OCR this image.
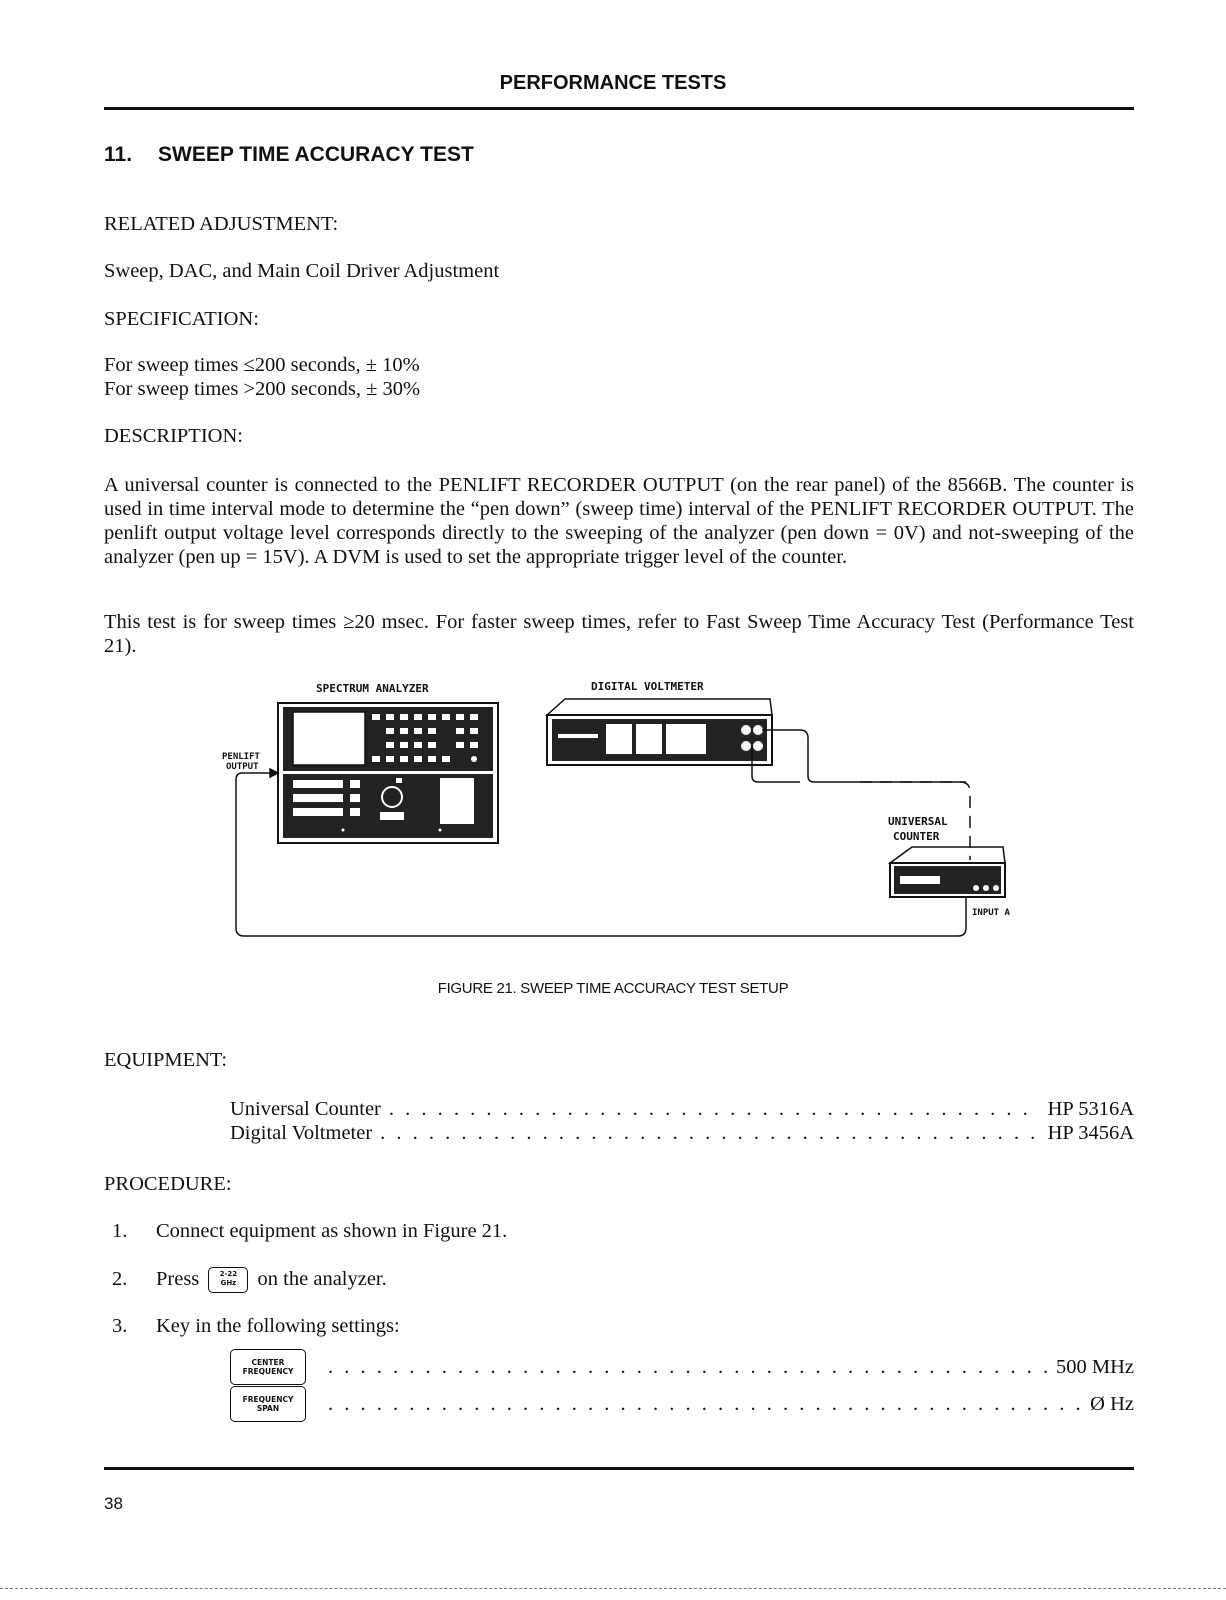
PERFORMANCE TESTS
11. SWEEP TIME ACCURACY TEST
RELATED ADJUSTMENT:
Sweep, DAC, and Main Coil Driver Adjustment
SPECIFICATION:
For sweep times ≤200 seconds, ± 10%
For sweep times >200 seconds, ± 30%
DESCRIPTION:
A universal counter is connected to the PENLIFT RECORDER OUTPUT (on the rear panel) of the 8566B. The counter is used in time interval mode to determine the “pen down” (sweep time) interval of the PENLIFT RECORDER OUTPUT. The penlift output voltage level corresponds directly to the sweeping of the analyzer (pen down = 0V) and not-sweeping of the analyzer (pen up = 15V). A DVM is used to set the appropriate trigger level of the counter.
This test is for sweep times ≥20 msec. For faster sweep times, refer to Fast Sweep Time Accuracy Test (Performance Test 21).
SPECTRUM ANALYZER	DIGITAL VOLTMETER
PENLIFT
OUTPUT
UNIVERSAL
COUNTER
INPUT A
FIGURE 21. SWEEP TIME ACCURACY TEST SETUP
EQUIPMENT:
Universal Counter . . .	HP 5316A
Digital Voltmeter . . .	HP 3456A
PROCEDURE:
1. Connect equipment as shown in Figure 21.
2. Press	2-22
GHz on the analyzer.
3. Key in the following settings:
CENTER
FREQUENCY . . .	500 MHz
FREQUENCY
SPAN . . .	Ø Hz
38
